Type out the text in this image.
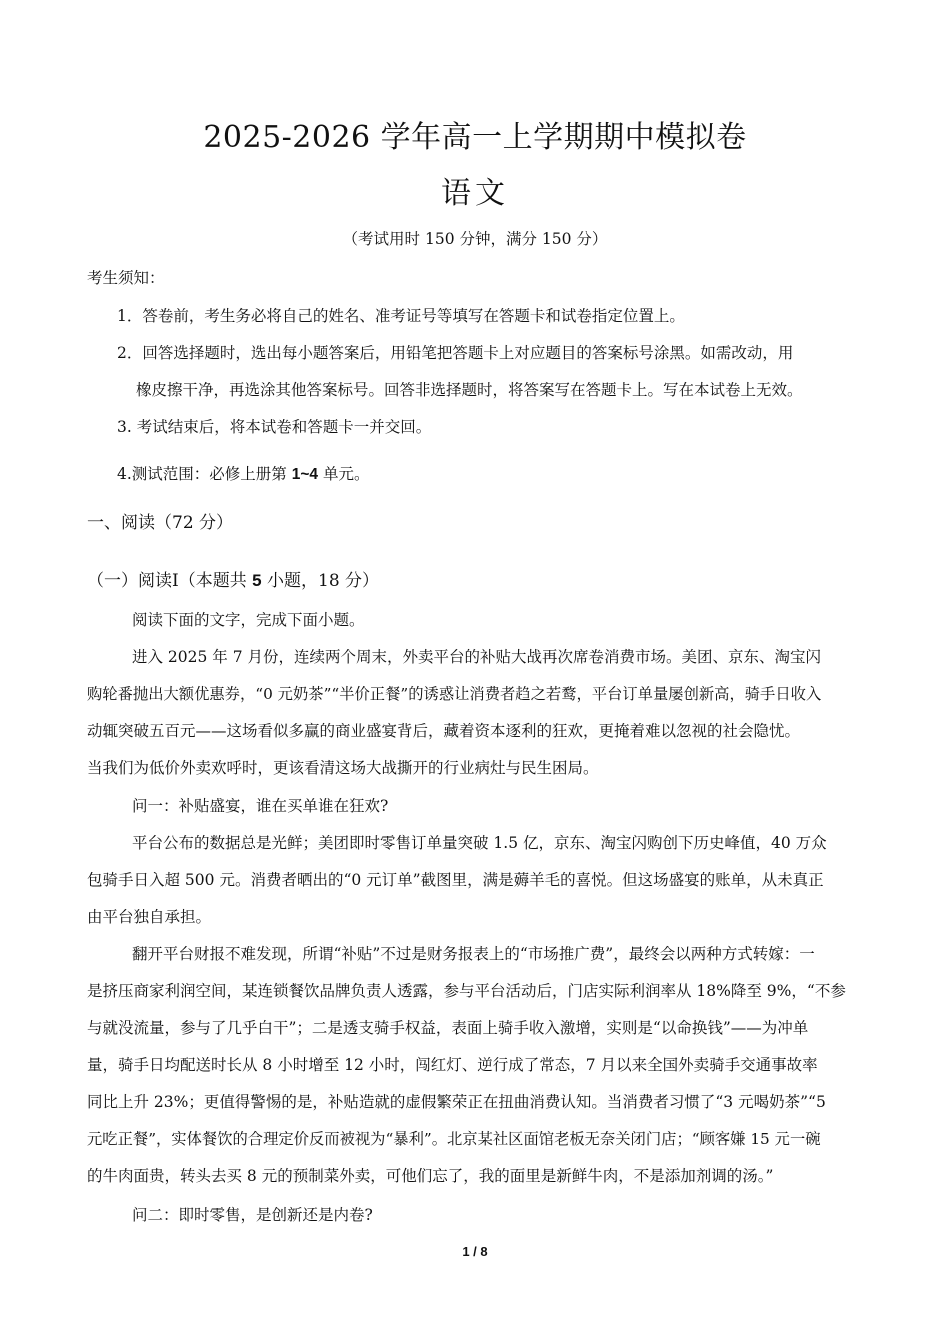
2025-2026 学年高一上学期期中模拟卷
语文
（考试用时 150 分钟，满分 150 分）
考生须知：
1．答卷前，考生务必将自己的姓名、准考证号等填写在答题卡和试卷指定位置上。
2．回答选择题时，选出每小题答案后，用铅笔把答题卡上对应题目的答案标号涂黑。如需改动，用
橡皮擦干净，再选涂其他答案标号。回答非选择题时，将答案写在答题卡上。写在本试卷上无效。
3. 考试结束后，将本试卷和答题卡一并交回。
4.测试范围：必修上册第 1~4 单元。
一、阅读（72 分）
（一）阅读Ⅰ（本题共 5 小题，18 分）
阅读下面的文字，完成下面小题。
进入 2025 年 7 月份，连续两个周末，外卖平台的补贴大战再次席卷消费市场。美团、京东、淘宝闪
购轮番抛出大额优惠券，“0 元奶茶”“半价正餐”的诱惑让消费者趋之若鹜，平台订单量屡创新高，骑手日收入
动辄突破五百元——这场看似多赢的商业盛宴背后，藏着资本逐利的狂欢，更掩着难以忽视的社会隐忧。
当我们为低价外卖欢呼时，更该看清这场大战撕开的行业病灶与民生困局。
问一：补贴盛宴，谁在买单谁在狂欢?
平台公布的数据总是光鲜；美团即时零售订单量突破 1.5 亿，京东、淘宝闪购创下历史峰值，40 万众
包骑手日入超 500 元。消费者晒出的“0 元订单”截图里，满是薅羊毛的喜悦。但这场盛宴的账单，从未真正
由平台独自承担。
翻开平台财报不难发现，所谓“补贴”不过是财务报表上的“市场推广费”，最终会以两种方式转嫁：一
是挤压商家利润空间，某连锁餐饮品牌负责人透露，参与平台活动后，门店实际利润率从 18%降至 9%，“不参
与就没流量，参与了几乎白干”；二是透支骑手权益，表面上骑手收入激增，实则是“以命换钱”——为冲单
量，骑手日均配送时长从 8 小时增至 12 小时，闯红灯、逆行成了常态，7 月以来全国外卖骑手交通事故率
同比上升 23%；更值得警惕的是，补贴造就的虚假繁荣正在扭曲消费认知。当消费者习惯了“3 元喝奶茶”“5
元吃正餐”，实体餐饮的合理定价反而被视为“暴利”。北京某社区面馆老板无奈关闭门店；“顾客嫌 15 元一碗
的牛肉面贵，转头去买 8 元的预制菜外卖，可他们忘了，我的面里是新鲜牛肉，不是添加剂调的汤。”
问二：即时零售，是创新还是内卷?
1 / 8
